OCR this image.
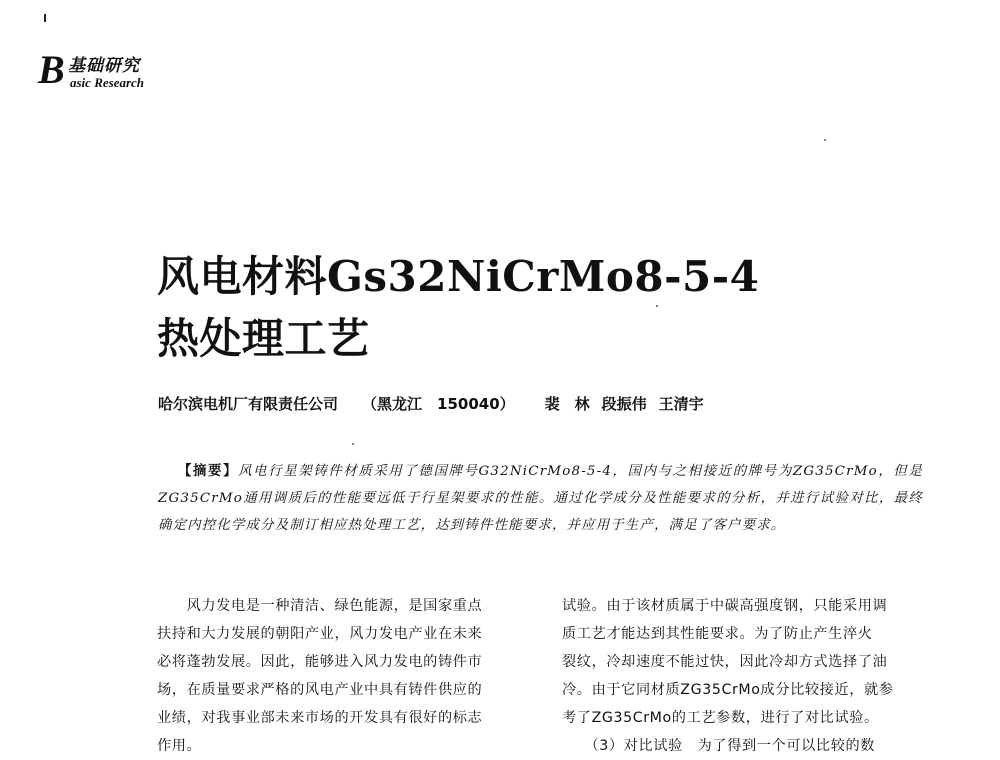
B 基础研究
asic Research
风电材料Gs32NiCrMo8-5-4
热处理工艺
哈尔滨电机厂有限责任公司 （黑龙江　150040） 裴　林 段振伟 王清宇
【摘要】风电行星架铸件材质采用了德国牌号G32NiCrMo8-5-4，国内与之相接近的牌号为ZG35CrMo，但是ZG35CrMo通用调质后的性能要远低于行星架要求的性能。通过化学成分及性能要求的分析，并进行试验对比，最终确定内控化学成分及制订相应热处理工艺，达到铸件性能要求，并应用于生产，满足了客户要求。
　　风力发电是一种清洁、绿色能源，是国家重点
扶持和大力发展的朝阳产业，风力发电产业在未来
必将蓬勃发展。因此，能够进入风力发电的铸件市
场，在质量要求严格的风电产业中具有铸件供应的
业绩，对我事业部未来市场的开发具有很好的标志
作用。
试验。由于该材质属于中碳高强度钢，只能采用调
质工艺才能达到其性能要求。为了防止产生淬火
裂纹，冷却速度不能过快，因此冷却方式选择了油
冷。由于它同材质ZG35CrMo成分比较接近，就参
考了ZG35CrMo的工艺参数，进行了对比试验。
　　（3）对比试验　为了得到一个可以比较的数
